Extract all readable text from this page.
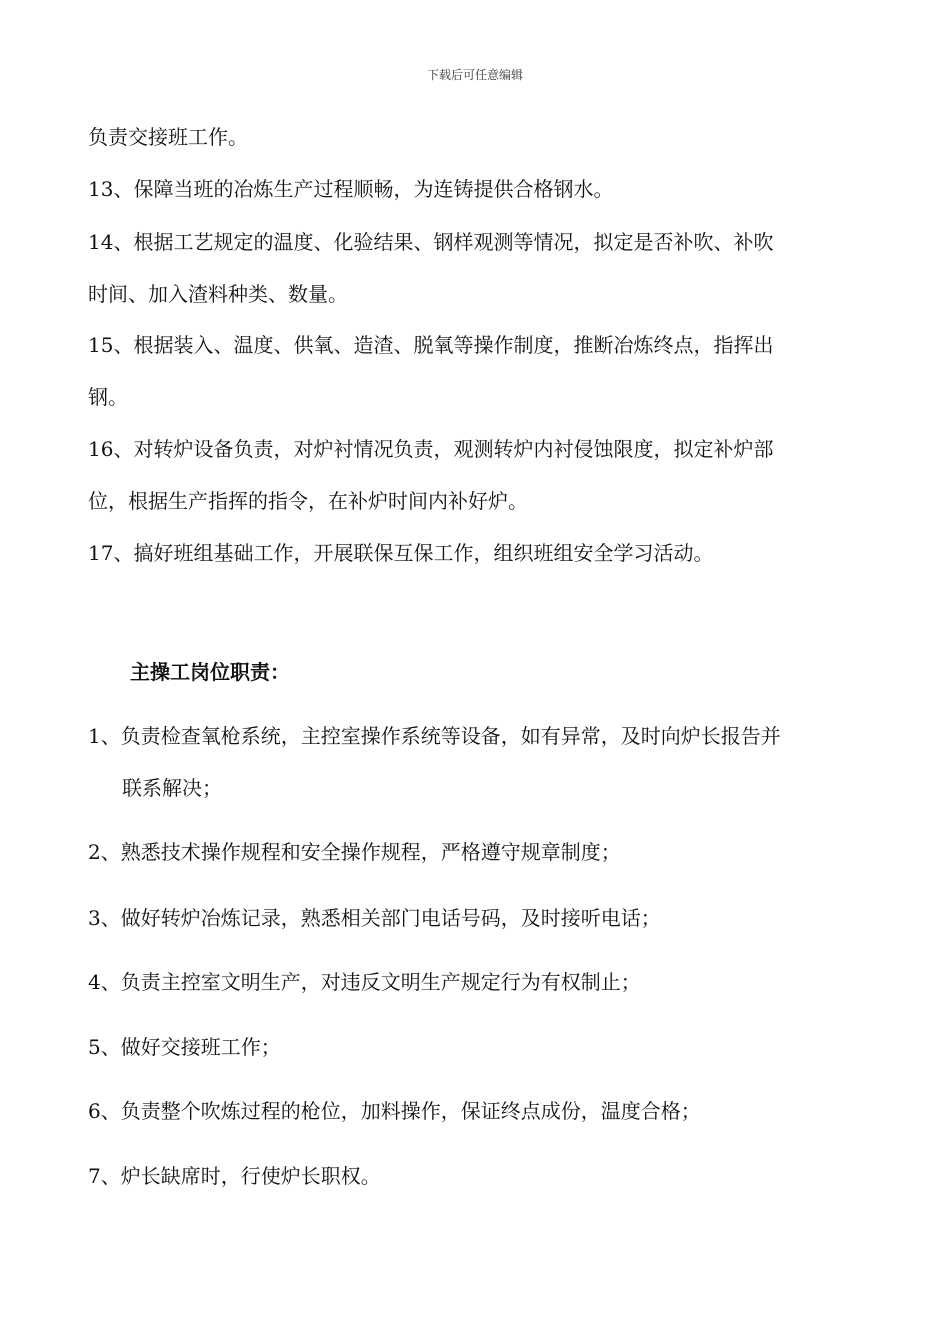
下载后可任意编辑
负责交接班工作。
13、保障当班的冶炼生产过程顺畅，为连铸提供合格钢水。
14、根据工艺规定的温度、化验结果、钢样观测等情况，拟定是否补吹、补吹
时间、加入渣料种类、数量。
15、根据装入、温度、供氧、造渣、脱氧等操作制度，推断冶炼终点，指挥出
钢。
16、对转炉设备负责，对炉衬情况负责，观测转炉内衬侵蚀限度，拟定补炉部
位，根据生产指挥的指令，在补炉时间内补好炉。
17、搞好班组基础工作，开展联保互保工作，组织班组安全学习活动。
主操工岗位职责：
1、负责检查氧枪系统，主控室操作系统等设备，如有异常，及时向炉长报告并
联系解决；
2、熟悉技术操作规程和安全操作规程，严格遵守规章制度；
3、做好转炉冶炼记录，熟悉相关部门电话号码，及时接听电话；
4、负责主控室文明生产，对违反文明生产规定行为有权制止；
5、做好交接班工作；
6、负责整个吹炼过程的枪位，加料操作，保证终点成份，温度合格；
7、炉长缺席时，行使炉长职权。
